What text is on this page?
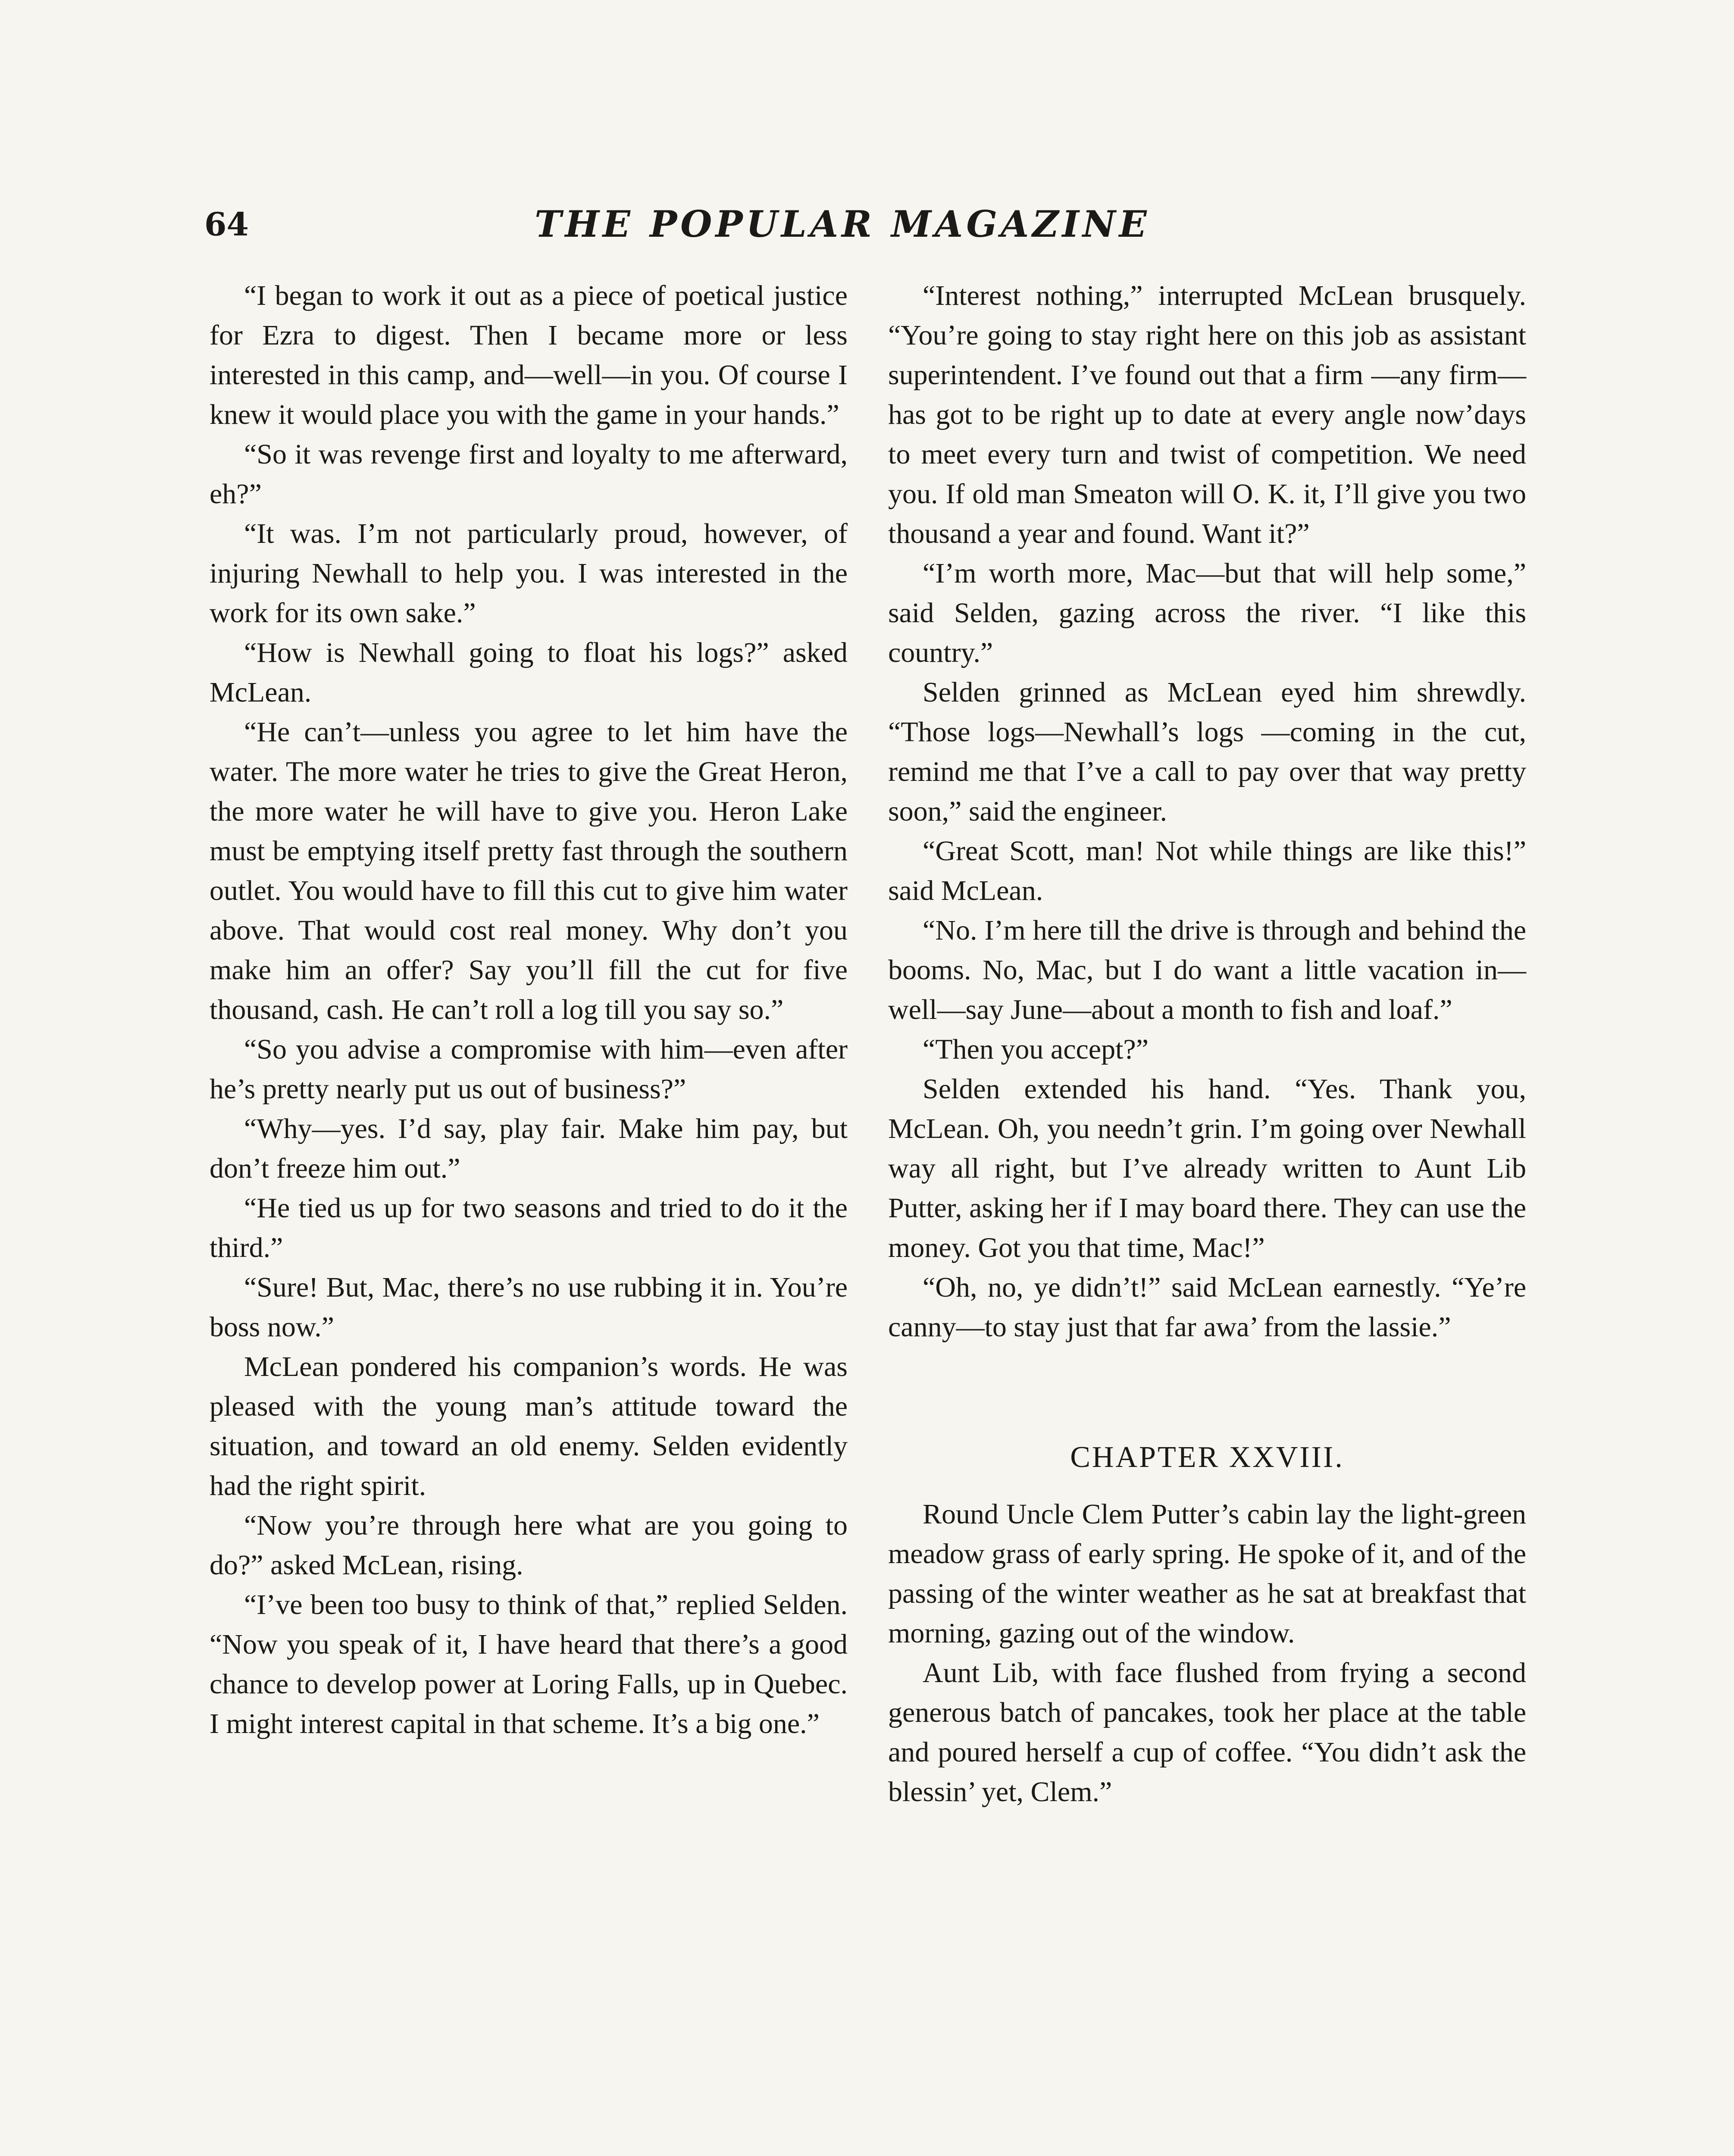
64	THE POPULAR MAGAZINE

“I began to work it out as a piece of poetical justice for Ezra to digest. Then I became more or less interested in this camp, and—well—in you. Of course I knew it would place you with the game in your hands.”

“So it was revenge first and loyalty to me afterward, eh?”

“It was. I’m not particularly proud, however, of injuring Newhall to help you. I was interested in the work for its own sake.”

“How is Newhall going to float his logs?” asked McLean.

“He can’t—unless you agree to let him have the water. The more water he tries to give the Great Heron, the more water he will have to give you. Heron Lake must be emptying itself pretty fast through the southern outlet. You would have to fill this cut to give him water above. That would cost real money. Why don’t you make him an offer? Say you’ll fill the cut for five thousand, cash. He can’t roll a log till you say so.”

“So you advise a compromise with him—even after he’s pretty nearly put us out of business?”

“Why—yes. I’d say, play fair. Make him pay, but don’t freeze him out.”

“He tied us up for two seasons and tried to do it the third.”

“Sure! But, Mac, there’s no use rubbing it in. You’re boss now.”

McLean pondered his companion’s words. He was pleased with the young man’s attitude toward the situation, and toward an old enemy. Selden evidently had the right spirit.

“Now you’re through here what are you going to do?” asked McLean, rising.

“I’ve been too busy to think of that,” replied Selden. “Now you speak of it, I have heard that there’s a good chance to develop power at Loring Falls, up in Quebec. I might interest capital in that scheme. It’s a big one.”

“Interest nothing,” interrupted McLean brusquely. “You’re going to stay right here on this job as assistant superintendent. I’ve found out that a firm —any firm—has got to be right up to date at every angle now’days to meet every turn and twist of competition. We need you. If old man Smeaton will O. K. it, I’ll give you two thousand a year and found. Want it?”

“I’m worth more, Mac—but that will help some,” said Selden, gazing across the river. “I like this country.”

Selden grinned as McLean eyed him shrewdly. “Those logs—Newhall’s logs —coming in the cut, remind me that I’ve a call to pay over that way pretty soon,” said the engineer.

“Great Scott, man! Not while things are like this!” said McLean.

“No. I’m here till the drive is through and behind the booms. No, Mac, but I do want a little vacation in—well—say June—about a month to fish and loaf.”

“Then you accept?”

Selden extended his hand. “Yes. Thank you, McLean. Oh, you needn’t grin. I’m going over Newhall way all right, but I’ve already written to Aunt Lib Putter, asking her if I may board there. They can use the money. Got you that time, Mac!”

“Oh, no, ye didn’t!” said McLean earnestly. “Ye’re canny—to stay just that far awa’ from the lassie.”

CHAPTER XXVIII.

Round Uncle Clem Putter’s cabin lay the light-green meadow grass of early spring. He spoke of it, and of the passing of the winter weather as he sat at breakfast that morning, gazing out of the window.

Aunt Lib, with face flushed from frying a second generous batch of pancakes, took her place at the table and poured herself a cup of coffee. “You didn’t ask the blessin’ yet, Clem.”
